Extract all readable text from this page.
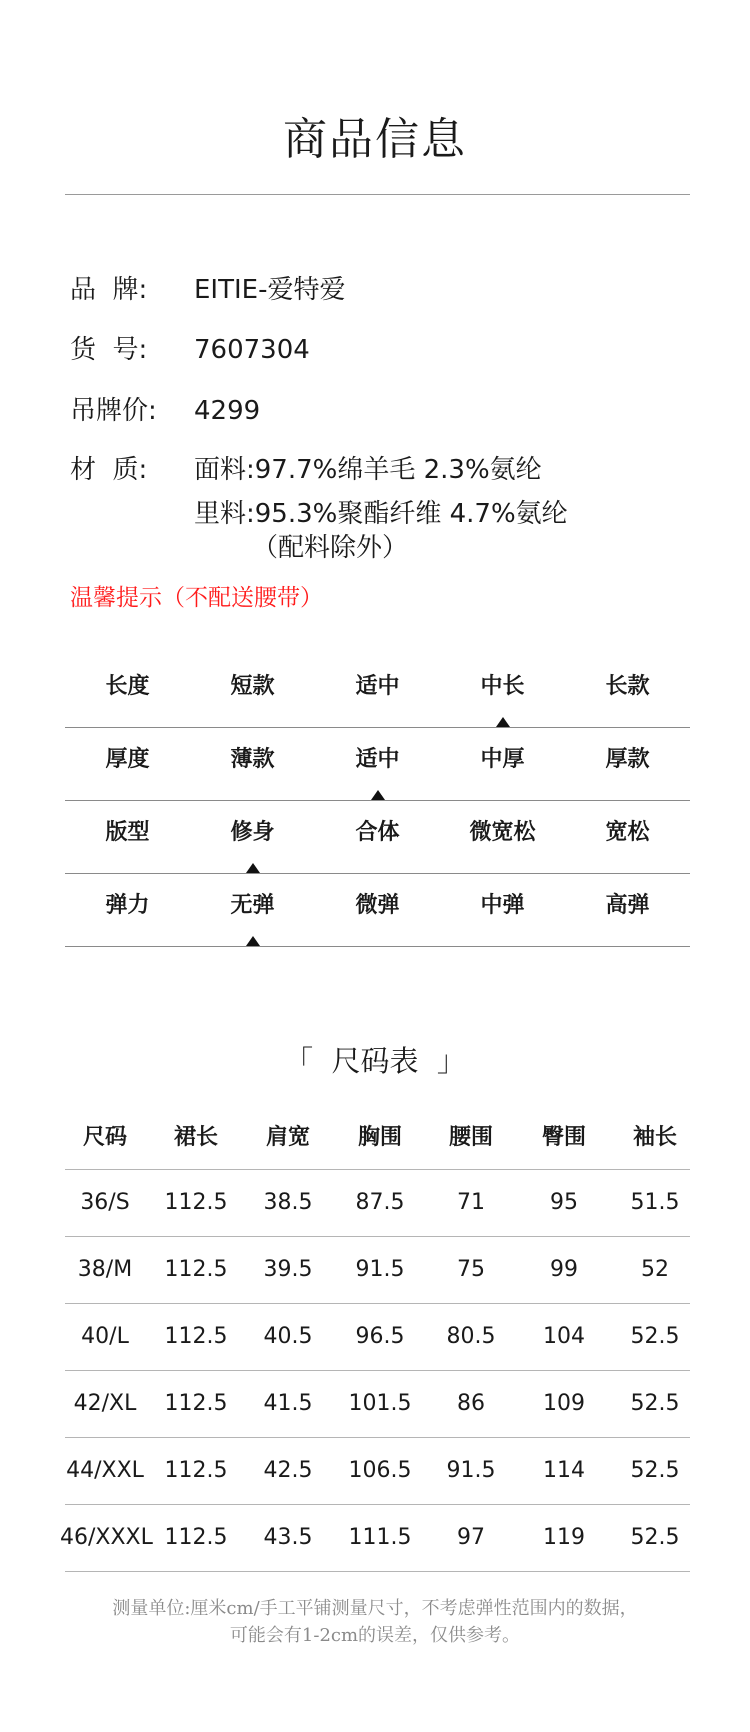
商品信息
品  牌:	EITIE-爱特爱
货  号:	7607304
吊牌价:	4299
材  质:	面料:97.7%绵羊毛 2.3%氨纶
里料:95.3%聚酯纤维 4.7%氨纶
（配料除外）
温馨提示（不配送腰带）
长度	短款	适中	中长	长款
厚度	薄款	适中	中厚	厚款
版型	修身	合体	微宽松	宽松
弹力	无弹	微弹	中弹	高弹
「  尺码表  」
尺码	裙长	肩宽	胸围	腰围	臀围	袖长
36/S	112.5	38.5	87.5	71	95	51.5
38/M	112.5	39.5	91.5	75	99	52
40/L	112.5	40.5	96.5	80.5	104	52.5
42/XL	112.5	41.5	101.5	86	109	52.5
44/XXL 112.5	42.5	106.5	91.5	114	52.5
46/XXXL 112.5	43.5	111.5	97	119	52.5
测量单位:厘米cm/手工平铺测量尺寸，不考虑弹性范围内的数据，
可能会有1-2cm的误差，仅供参考。
